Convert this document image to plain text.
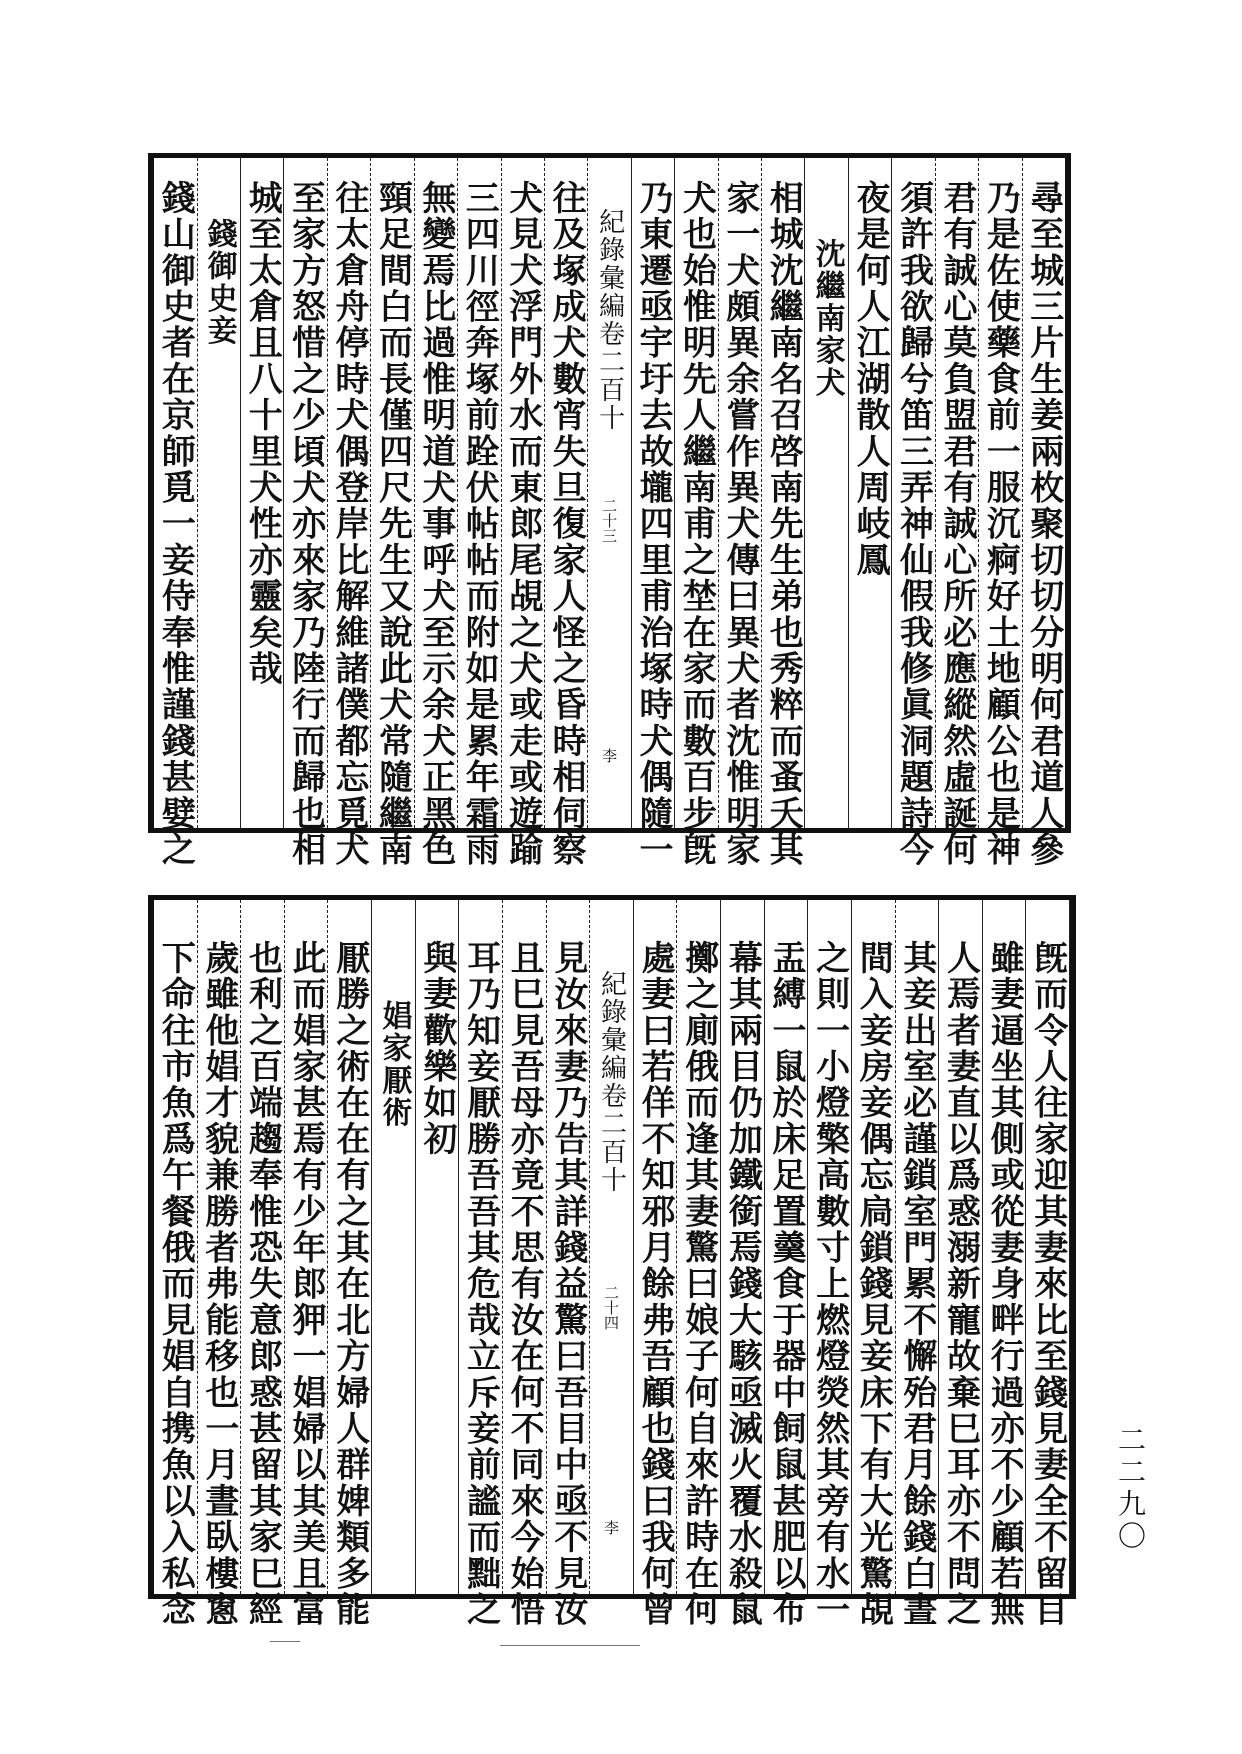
尋至城三片生姜兩枚聚切切分明何君道人參
乃是佐使藥食前一服沉痾好土地顧公也是神
君有誠心莫負盟君有誠心所必應縱然虛誕何
須許我欲歸兮笛三弄神仙假我修眞洞題詩今
夜是何人江湖散人周岐鳳
沈繼南家犬
相城沈繼南名召啓南先生弟也秀粹而蚤夭其
家一犬頗異余嘗作異犬傳曰異犬者沈惟明家
犬也始惟明先人繼南甫之埜在家而數百步旣
乃東遷亟宇圩去故壠四里甫治塚時犬偶隨一
紀錄彙編卷二百十
二十三
李
往及塚成犬數宵失旦復家人怪之昏時相伺察
犬見犬浮門外水而東郎尾覘之犬或走或遊踰
三四川徑奔塚前跧伏帖帖而附如是累年霜雨
無變焉比過惟明道犬事呼犬至示余犬正黑色
頸足間白而長僅四尺先生又說此犬常隨繼南
往太倉舟停時犬偶登岸比解維諸僕都忘覓犬
至家方怒惜之少頃犬亦來家乃陸行而歸也相
城至太倉且八十里犬性亦靈矣哉
錢御史妾
錢山御史者在京師覓一妾侍奉惟謹錢甚嬖之
旣而令人往家迎其妻來比至錢見妻全不留目
雖妻逼坐其側或從妻身畔行過亦不少顧若無
人焉者妻直以爲惑溺新寵故棄巳耳亦不問之
其妾出室必謹鎖室門累不懈殆君月餘錢白晝
間入妾房妾偶忘扃鎖錢見妾床下有大光驚覘
之則一小燈檠高數寸上燃燈熒然其旁有水一
盂縛一鼠於床足置羹食于器中飼鼠甚肥以布
幕其兩目仍加鐵銜焉錢大駭亟滅火覆水殺鼠
擲之廁俄而逢其妻驚曰娘子何自來許時在何
處妻曰若佯不知邪月餘弗吾顧也錢曰我何曾
紀錄彙編卷二百十
二十四
李
見汝來妻乃告其詳錢益驚曰吾目中亟不見汝
且巳見吾母亦竟不思有汝在何不同來今始悟
耳乃知妾厭勝吾吾其危哉立斥妾前謐而黜之
與妻歡樂如初
娼家厭術
厭勝之術在在有之其在北方婦人群婢類多能
此而娼家甚焉有少年郎狎一娼婦以其美且富
也利之百端趨奉惟恐失意郎惑甚留其家巳經
歲雖他娼才貌兼勝者弗能移也一月晝臥樓窻
下命往市魚爲午餐俄而見娼自携魚以入私念	二二九〇
